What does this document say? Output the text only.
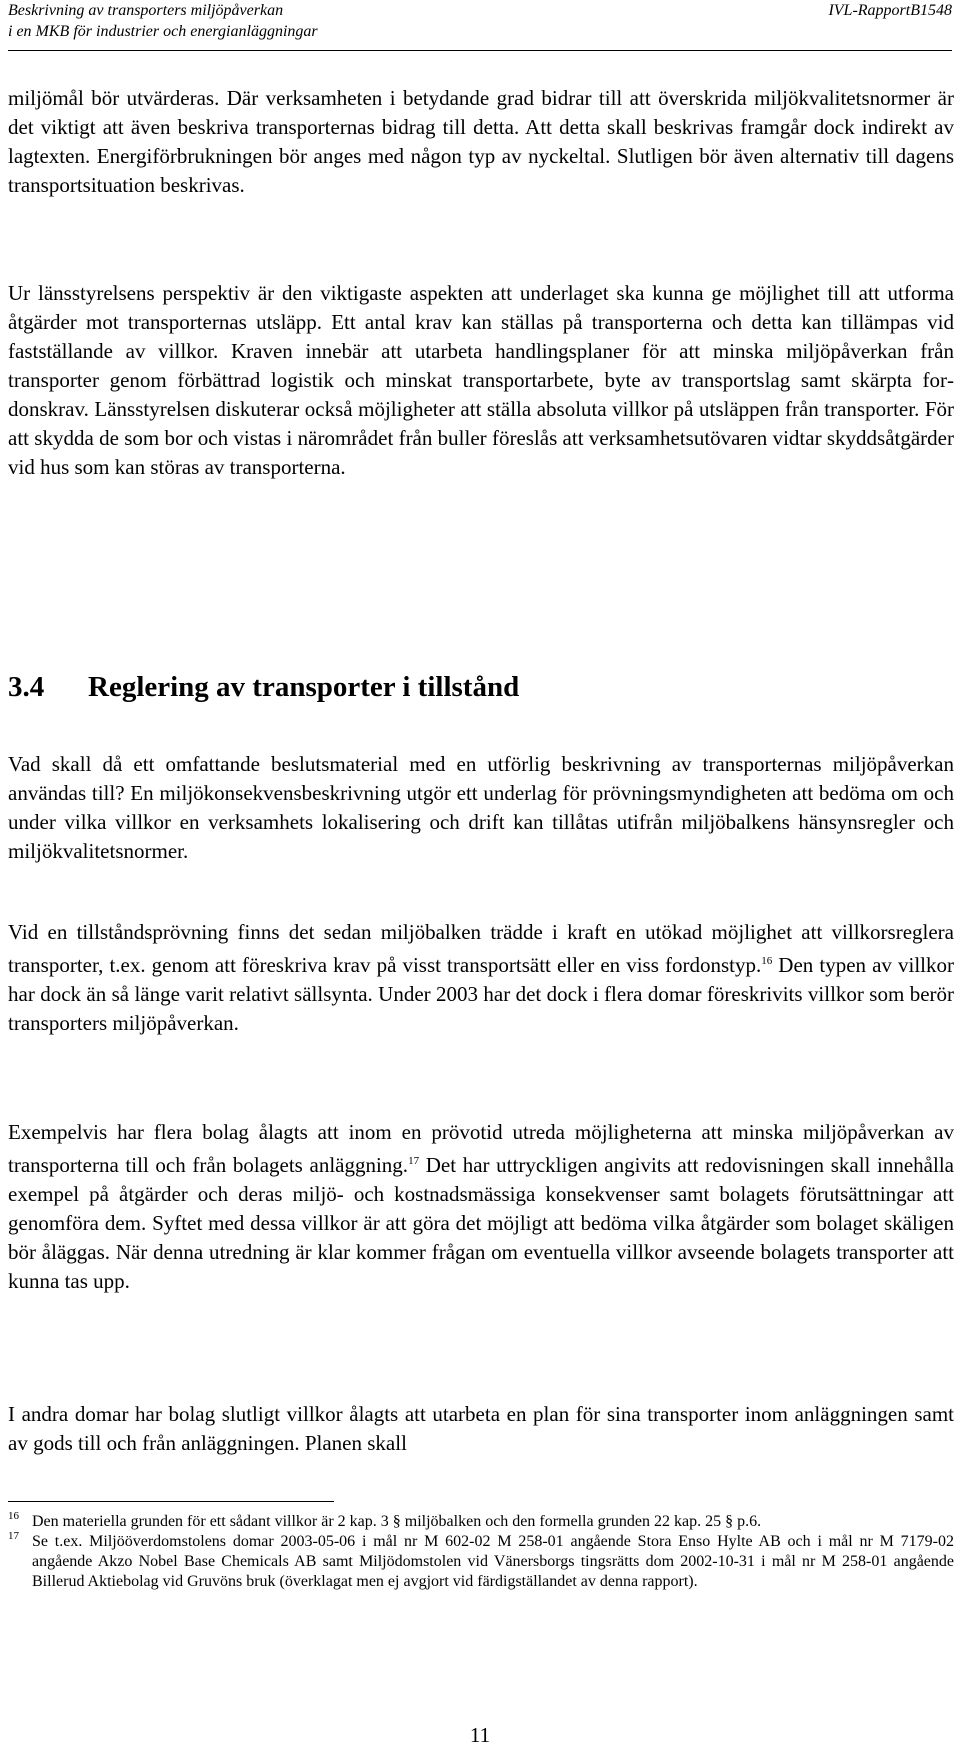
Beskrivning av transporters miljöpåverkan
i en MKB för industrier och energianläggningar
IVL-RapportB1548

miljömål bör utvärderas. Där verksamheten i betydande grad bidrar till att överskrida miljökvalitetsnormer är det viktigt att även beskriva transporternas bidrag till detta. Att detta skall beskrivas framgår dock indirekt av lagtexten. Energiförbrukningen bör anges med någon typ av nyckeltal. Slutligen bör även alternativ till dagens transportsituation beskrivas.

Ur länsstyrelsens perspektiv är den viktigaste aspekten att underlaget ska kunna ge möjlighet till att utforma åtgärder mot transporternas utsläpp. Ett antal krav kan ställas på transporterna och detta kan tillämpas vid fastställande av villkor. Kraven innebär att utarbeta handlingsplaner för att minska miljöpåverkan från transporter genom förbättrad logistik och minskat transportarbete, byte av transportslag samt skärpta fordonskrav. Länsstyrelsen diskuterar också möjligheter att ställa absoluta villkor på utsläppen från transporter. För att skydda de som bor och vistas i närområdet från buller föreslås att verksamhetsutövaren vidtar skyddsåtgärder vid hus som kan störas av transporterna.

3.4 Reglering av transporter i tillstånd

Vad skall då ett omfattande beslutsmaterial med en utförlig beskrivning av transporternas miljöpåverkan användas till? En miljökonsekvensbeskrivning utgör ett underlag för prövningsmyndigheten att bedöma om och under vilka villkor en verksamhets lokalisering och drift kan tillåtas utifrån miljöbalkens hänsynsregler och miljökvalitetsnormer.

Vid en tillståndsprövning finns det sedan miljöbalken trädde i kraft en utökad möjlighet att villkorsreglera transporter, t.ex. genom att föreskriva krav på visst transportsätt eller en viss fordonstyp.$^{16}$ Den typen av villkor har dock än så länge varit relativt sällsynta. Under 2003 har det dock i flera domar föreskrivits villkor som berör transporters miljöpåverkan.

Exempelvis har flera bolag ålagts att inom en prövotid utreda möjligheterna att minska miljöpåverkan av transporterna till och från bolagets anläggning.$^{17}$ Det har uttryckligen angivits att redovisningen skall innehålla exempel på åtgärder och deras miljö- och kostnadsmässiga konsekvenser samt bolagets förutsättningar att genomföra dem. Syftet med dessa villkor är att göra det möjligt att bedöma vilka åtgärder som bolaget skäligen bör åläggas. När denna utredning är klar kommer frågan om eventuella villkor avseende bolagets transporter att kunna tas upp.

I andra domar har bolag slutligt villkor ålagts att utarbeta en plan för sina transporter inom anläggningen samt av gods till och från anläggningen. Planen skall

16 Den materiella grunden för ett sådant villkor är 2 kap. 3 § miljöbalken och den formella grunden 22 kap. 25 § p.6.

17 Se t.ex. Miljööverdomstolens domar 2003-05-06 i mål nr M 602-02 M 258-01 angående Stora Enso Hylte AB och i mål nr M 7179-02 angående Akzo Nobel Base Chemicals AB samt Miljödomstolen vid Vänersborgs tingsrätts dom 2002-10-31 i mål nr M 258-01 angående Billerud Aktiebolag vid Gruvöns bruk (överklagat men ej avgjort vid färdigställandet av denna rapport).

11
